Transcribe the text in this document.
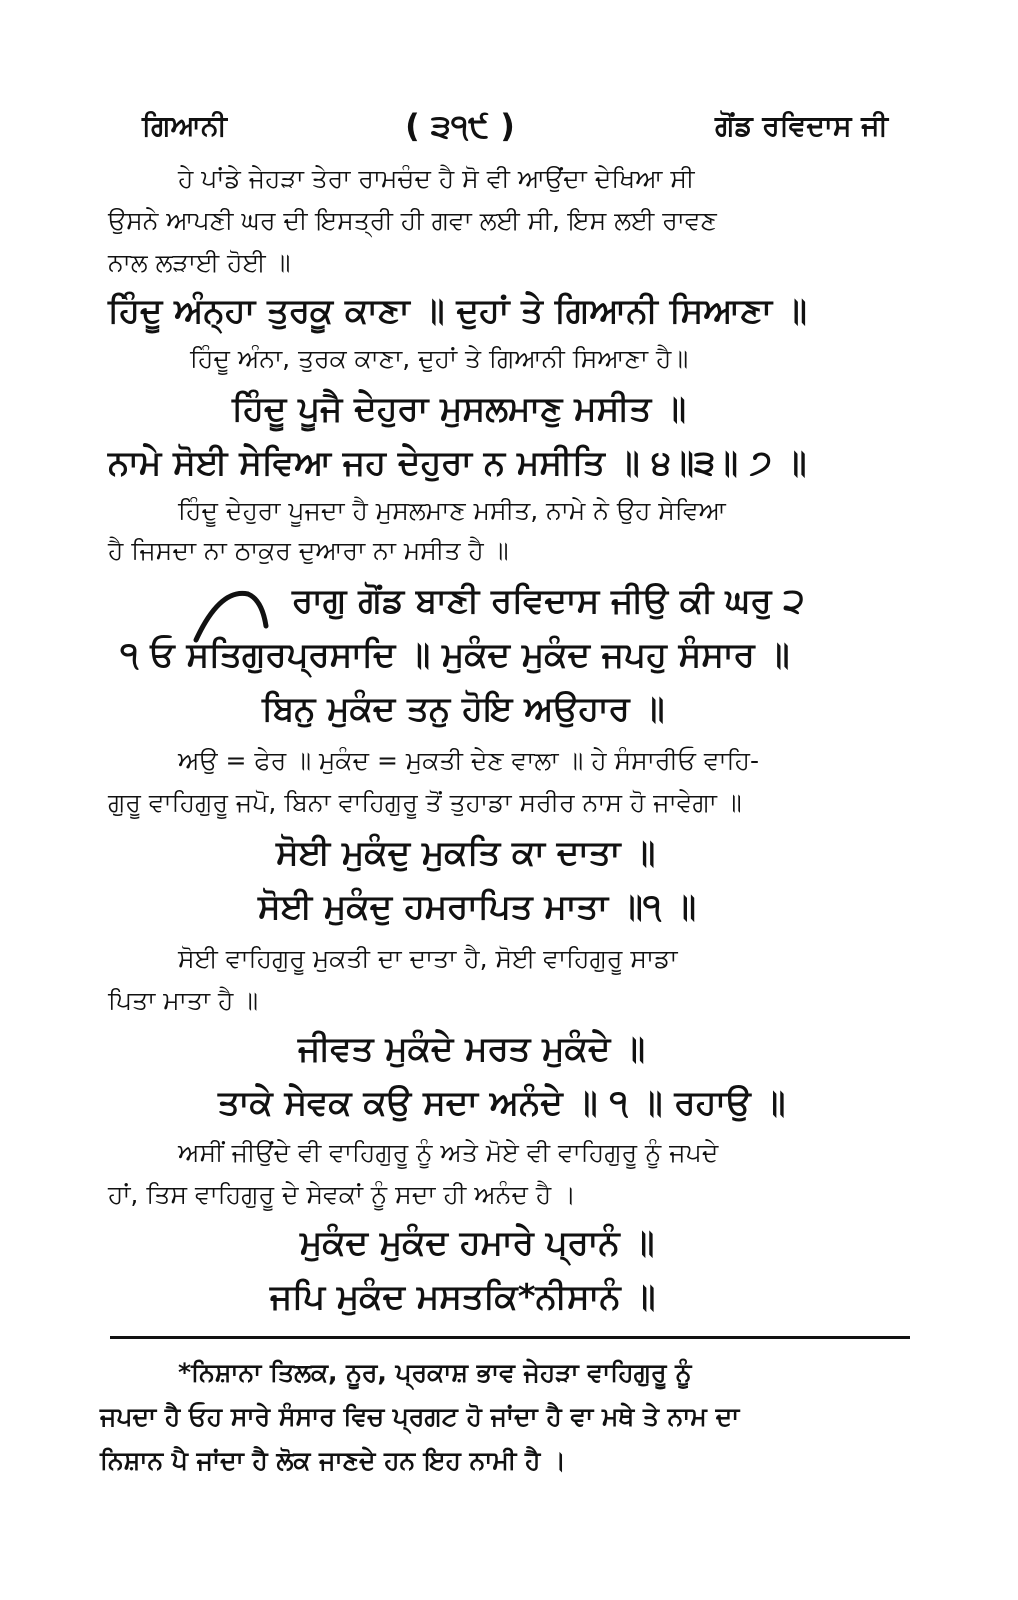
ਗਿਆਨੀ	( ੩੧੯ )	ਗੋਂਡ ਰਵਿਦਾਸ ਜੀ
ਹੇ ਪਾਂਡੇ ਜੇਹੜਾ ਤੇਰਾ ਰਾਮਚੰਦ ਹੈ ਸੋ ਵੀ ਆਉਂਦਾ ਦੇਖਿਆ ਸੀ
ਉਸਨੇ ਆਪਣੀ ਘਰ ਦੀ ਇਸਤ੍ਰੀ ਹੀ ਗਵਾ ਲਈ ਸੀ, ਇਸ ਲਈ ਰਾਵਣ
ਨਾਲ ਲੜਾਈ ਹੋਈ ॥
ਹਿੰਦੂ ਅੰਨ੍ਹਾ ਤੁਰਕੂ ਕਾਣਾ ॥ ਦੁਹਾਂ ਤੇ ਗਿਆਨੀ ਸਿਆਣਾ ॥
ਹਿੰਦੂ ਅੰਨਾ, ਤੁਰਕ ਕਾਣਾ, ਦੁਹਾਂ ਤੇ ਗਿਆਨੀ ਸਿਆਣਾ ਹੈ॥
ਹਿੰਦੂ ਪੂਜੈ ਦੇਹੁਰਾ ਮੁਸਲਮਾਣੁ ਮਸੀਤ ॥
ਨਾਮੇ ਸੋਈ ਸੇਵਿਆ ਜਹ ਦੇਹੁਰਾ ਨ ਮਸੀਤਿ ॥ ੪॥੩॥ ੭ ॥
ਹਿੰਦੂ ਦੇਹੁਰਾ ਪੂਜਦਾ ਹੈ ਮੁਸਲਮਾਣ ਮਸੀਤ, ਨਾਮੇ ਨੇ ਉਹ ਸੇਵਿਆ
ਹੈ ਜਿਸਦਾ ਨਾ ਠਾਕੁਰ ਦੁਆਰਾ ਨਾ ਮਸੀਤ ਹੈ ॥
ਰਾਗੁ ਗੋਂਡ ਬਾਣੀ ਰਵਿਦਾਸ ਜੀਉ ਕੀ ਘਰੁ ੨
੧ ਓ ਸਤਿਗੁਰਪ੍ਰਸਾਦਿ ॥ ਮੁਕੰਦ ਮੁਕੰਦ ਜਪਹੁ ਸੰਸਾਰ ॥
ਬਿਨੁ ਮੁਕੰਦ ਤਨੁ ਹੋਇ ਅਉਹਾਰ ॥
ਅਉ = ਫੇਰ ॥ ਮੁਕੰਦ = ਮੁਕਤੀ ਦੇਣ ਵਾਲਾ ॥ ਹੇ ਸੰਸਾਰੀਓ ਵਾਹਿ-
ਗੁਰੂ ਵਾਹਿਗੁਰੂ ਜਪੋ, ਬਿਨਾ ਵਾਹਿਗੁਰੂ ਤੋਂ ਤੁਹਾਡਾ ਸਰੀਰ ਨਾਸ ਹੋ ਜਾਵੇਗਾ ॥
ਸੋਈ ਮੁਕੰਦੁ ਮੁਕਤਿ ਕਾ ਦਾਤਾ ॥
ਸੋਈ ਮੁਕੰਦੁ ਹਮਰਾਪਿਤ ਮਾਤਾ ॥੧ ॥
ਸੋਈ ਵਾਹਿਗੁਰੂ ਮੁਕਤੀ ਦਾ ਦਾਤਾ ਹੈ, ਸੋਈ ਵਾਹਿਗੁਰੂ ਸਾਡਾ
ਪਿਤਾ ਮਾਤਾ ਹੈ ॥
ਜੀਵਤ ਮੁਕੰਦੇ ਮਰਤ ਮੁਕੰਦੇ ॥
ਤਾਕੇ ਸੇਵਕ ਕਉ ਸਦਾ ਅਨੰਦੇ ॥ ੧ ॥ ਰਹਾਉ ॥
ਅਸੀਂ ਜੀਉਂਦੇ ਵੀ ਵਾਹਿਗੁਰੂ ਨੂੰ ਅਤੇ ਮੋਏ ਵੀ ਵਾਹਿਗੁਰੂ ਨੂੰ ਜਪਦੇ
ਹਾਂ, ਤਿਸ ਵਾਹਿਗੁਰੂ ਦੇ ਸੇਵਕਾਂ ਨੂੰ ਸਦਾ ਹੀ ਅਨੰਦ ਹੈ ।
ਮੁਕੰਦ ਮੁਕੰਦ ਹਮਾਰੇ ਪ੍ਰਾਨੰ ॥
ਜਪਿ ਮੁਕੰਦ ਮਸਤਕਿ*ਨੀਸਾਨੰ ॥
*ਨਿਸ਼ਾਨਾ ਤਿਲਕ, ਨੂਰ, ਪ੍ਰਕਾਸ਼ ਭਾਵ ਜੇਹੜਾ ਵਾਹਿਗੁਰੂ ਨੂੰ
ਜਪਦਾ ਹੈ ਓਹ ਸਾਰੇ ਸੰਸਾਰ ਵਿਚ ਪ੍ਰਗਟ ਹੋ ਜਾਂਦਾ ਹੈ ਵਾ ਮਥੇ ਤੇ ਨਾਮ ਦਾ
ਨਿਸ਼ਾਨ ਪੈ ਜਾਂਦਾ ਹੈ ਲੋਕ ਜਾਣਦੇ ਹਨ ਇਹ ਨਾਮੀ ਹੈ ।
